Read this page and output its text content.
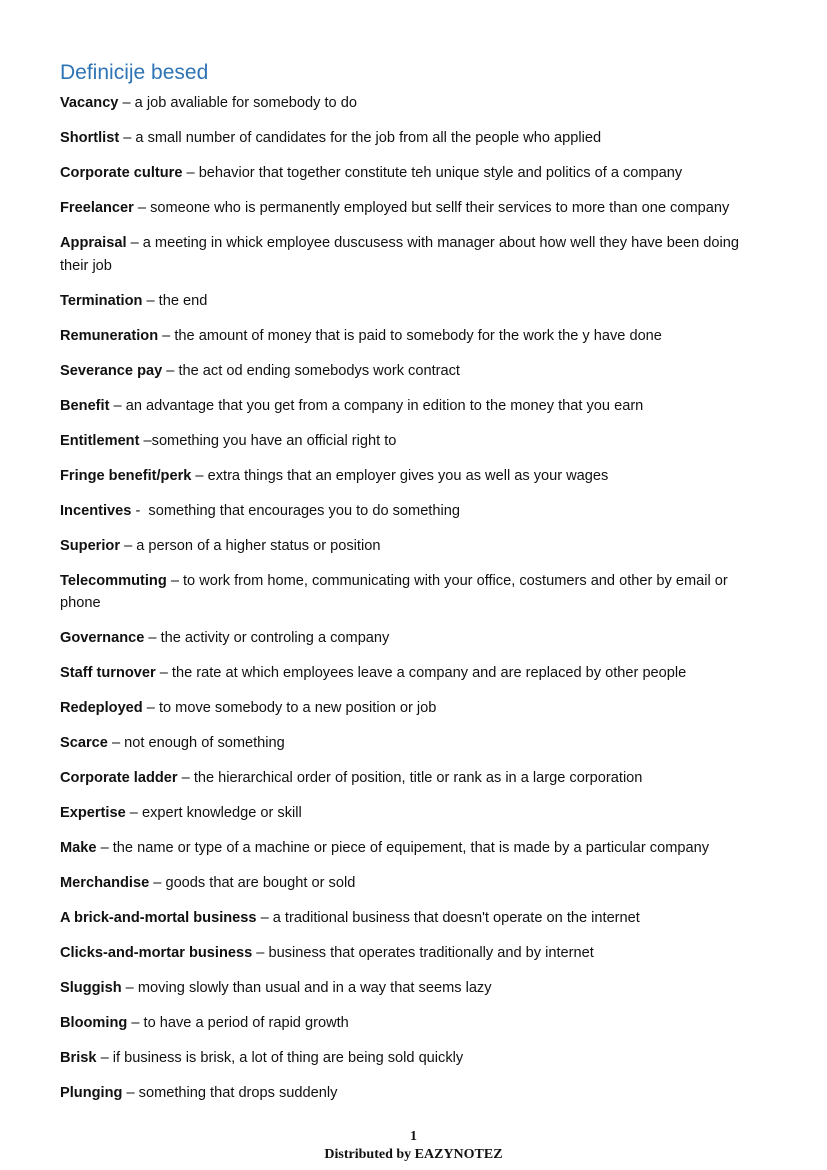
Definicije besed

Vacancy – a job avaliable for somebody to do

Shortlist – a small number of candidates for the job from all the people who applied

Corporate culture – behavior that together constitute teh unique style and politics of a company

Freelancer – someone who is permanently employed but sellf their services to more than one company

Appraisal – a meeting in whick employee duscusess with manager about how well they have been doing their job

Termination – the end

Remuneration – the amount of money that is paid to somebody for the work the y have done

Severance pay – the act od ending somebodys work contract

Benefit – an advantage that you get from a company in edition to the money that you earn

Entitlement –something you have an official right to

Fringe benefit/perk – extra things that an employer gives you as well as your wages

Incentives -  something that encourages you to do something

Superior – a person of a higher status or position

Telecommuting – to work from home, communicating with your office, costumers and other by email or phone

Governance – the activity or controling a company

Staff turnover – the rate at which employees leave a company and are replaced by other people

Redeployed – to move somebody to a new position or job

Scarce – not enough of something

Corporate ladder – the hierarchical order of position, title or rank as in a large corporation

Expertise – expert knowledge or skill

Make – the name or type of a machine or piece of equipement, that is made by a particular company

Merchandise – goods that are bought or sold

A brick-and-mortal business – a traditional business that doesn't operate on the internet

Clicks-and-mortar business – business that operates traditionally and by internet

Sluggish – moving slowly than usual and in a way that seems lazy

Blooming – to have a period of rapid growth

Brisk – if business is brisk, a lot of thing are being sold quickly

Plunging – something that drops suddenly

1
Distributed by EAZYNOTEZ
